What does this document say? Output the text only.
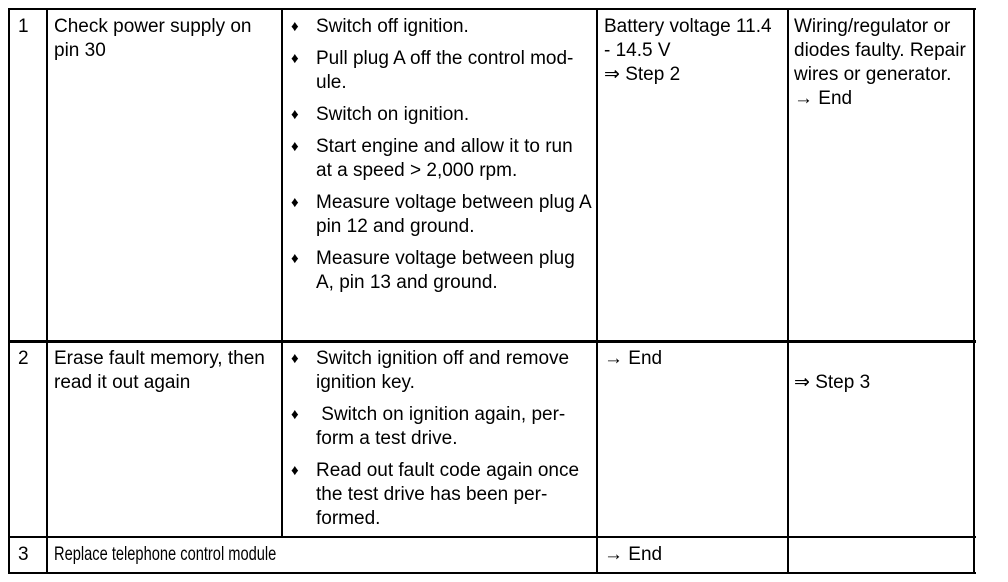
1 Check power supply on
pin 30
♦ Switch off ignition.
♦ Pull plug A off the control mod-
ule.
♦ Switch on ignition.
♦ Start engine and allow it to run
at a speed > 2,000 rpm.
♦ Measure voltage between plug A
pin 12 and ground.
♦ Measure voltage between plug
A, pin 13 and ground.
Battery voltage 11.4
- 14.5 V
⇒ Step 2
Wiring/regulator or
diodes faulty. Repair
wires or generator.
→ End
2 Erase fault memory, then
read it out again
♦ Switch ignition off and remove
ignition key.
♦ Switch on ignition again, per-
form a test drive.
♦ Read out fault code again once
the test drive has been per-
formed.
→ End
⇒ Step 3
3 Replace telephone control module	→ End
